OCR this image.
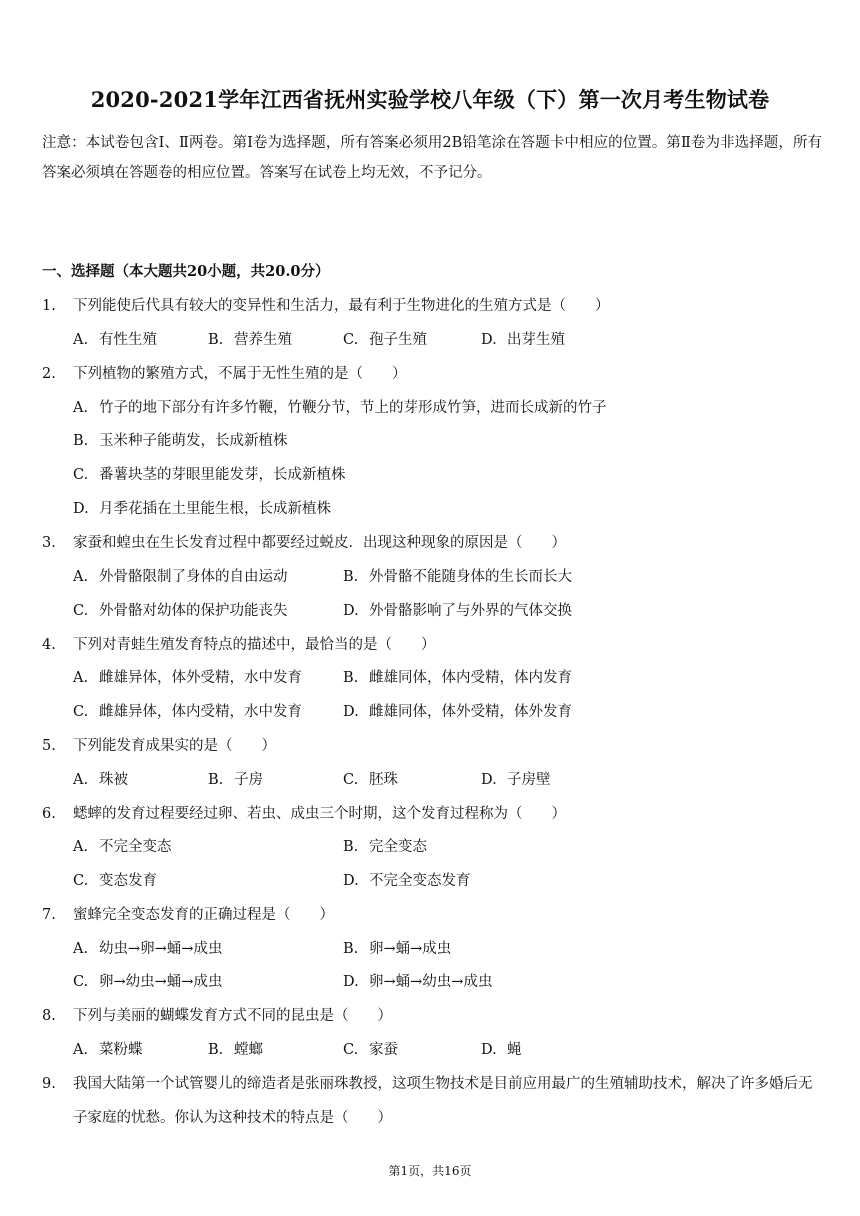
2020-2021学年江西省抚州实验学校八年级（下）第一次月考生物试卷
注意：本试卷包含Ⅰ、Ⅱ两卷。第Ⅰ卷为选择题，所有答案必须用2B铅笔涂在答题卡中相应的位置。第Ⅱ卷为非选择题，所有答案必须填在答题卷的相应位置。答案写在试卷上均无效，不予记分。
一、选择题（本大题共20小题，共20.0分）
1.	下列能使后代具有较大的变异性和生活力，最有利于生物进化的生殖方式是（　　）
A. 有性生殖	B. 营养生殖	C. 孢子生殖	D. 出芽生殖
2.	下列植物的繁殖方式，不属于无性生殖的是（　　）
A. 竹子的地下部分有许多竹鞭，竹鞭分节，节上的芽形成竹笋，进而长成新的竹子
B. 玉米种子能萌发，长成新植株
C. 番薯块茎的芽眼里能发芽，长成新植株
D. 月季花插在土里能生根，长成新植株
3.	家蚕和蝗虫在生长发育过程中都要经过蜕皮．出现这种现象的原因是（　　）
A. 外骨骼限制了身体的自由运动	B. 外骨骼不能随身体的生长而长大
C. 外骨骼对幼体的保护功能丧失	D. 外骨骼影响了与外界的气体交换
4.	下列对青蛙生殖发育特点的描述中，最恰当的是（　　）
A. 雌雄异体，体外受精，水中发育	B. 雌雄同体，体内受精，体内发育
C. 雌雄异体，体内受精，水中发育	D. 雌雄同体，体外受精，体外发育
5.	下列能发育成果实的是（　　）
A. 珠被	B. 子房	C. 胚珠	D. 子房壁
6.	蟋蟀的发育过程要经过卵、若虫、成虫三个时期，这个发育过程称为（　　）
A. 不完全变态	B. 完全变态
C. 变态发育	D. 不完全变态发育
7.	蜜蜂完全变态发育的正确过程是（　　）
A. 幼虫→卵→蛹→成虫	B. 卵→蛹→成虫
C. 卵→幼虫→蛹→成虫	D. 卵→蛹→幼虫→成虫
8.	下列与美丽的蝴蝶发育方式不同的昆虫是（　　）
A. 菜粉蝶	B. 螳螂	C. 家蚕	D. 蝇
9.	我国大陆第一个试管婴儿的缔造者是张丽珠教授，这项生物技术是目前应用最广的生殖辅助技术，解决了许多婚后无子家庭的忧愁。你认为这种技术的特点是（　　）
第1页，共16页
